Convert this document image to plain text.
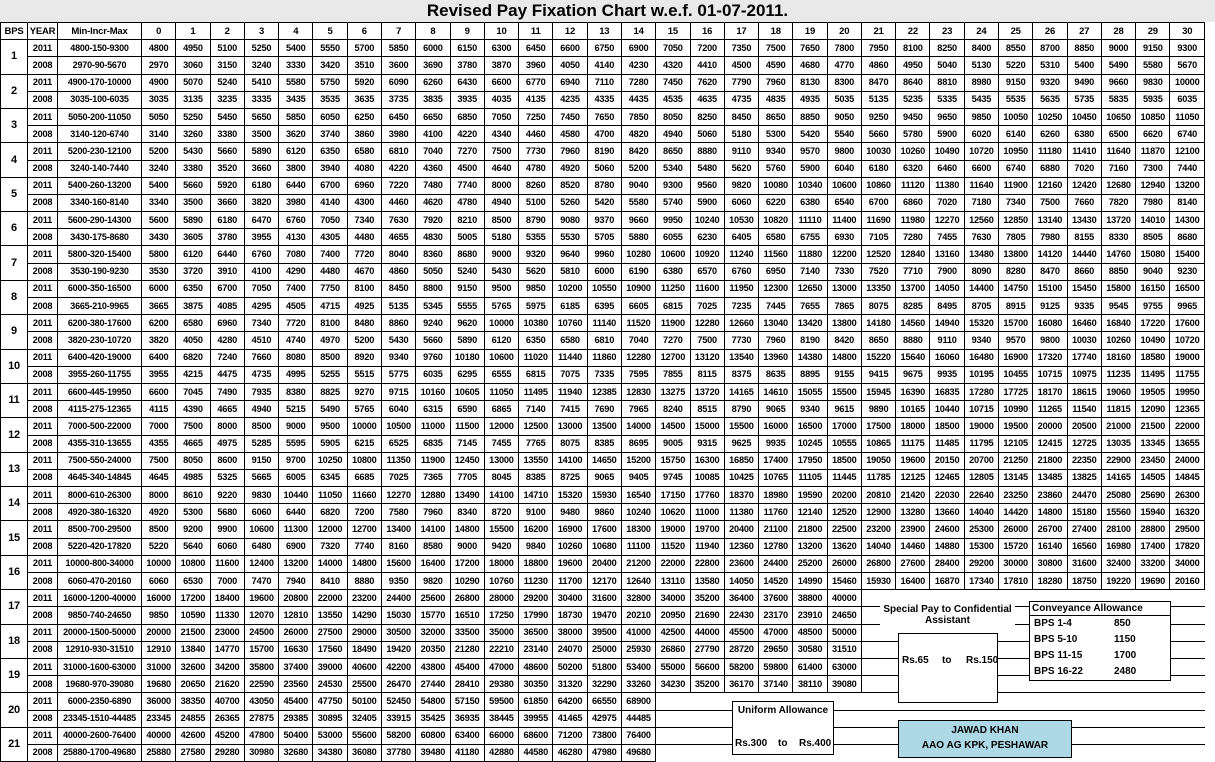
Revised Pay Fixation Chart w.e.f. 01-07-2011.
BPS	YEAR	Min-Incr-Max	0	1	2	3	4	5	6	7	8	9	10	11	12	13	14	15	16	17	18	19	20	21	22	23	24	25	26	27	28	29	30
1	2011	4800-150-9300	4800	4950	5100	5250	5400	5550	5700	5850	6000	6150	6300	6450	6600	6750	6900	7050	7200	7350	7500	7650	7800	7950	8100	8250	8400	8550	8700	8850	9000	9150	9300
	2008	2970-90-5670	2970	3060	3150	3240	3330	3420	3510	3600	3690	3780	3870	3960	4050	4140	4230	4320	4410	4500	4590	4680	4770	4860	4950	5040	5130	5220	5310	5400	5490	5580	5670
2	2011	4900-170-10000	4900	5070	5240	5410	5580	5750	5920	6090	6260	6430	6600	6770	6940	7110	7280	7450	7620	7790	7960	8130	8300	8470	8640	8810	8980	9150	9320	9490	9660	9830	10000
	2008	3035-100-6035	3035	3135	3235	3335	3435	3535	3635	3735	3835	3935	4035	4135	4235	4335	4435	4535	4635	4735	4835	4935	5035	5135	5235	5335	5435	5535	5635	5735	5835	5935	6035
3	2011	5050-200-11050	5050	5250	5450	5650	5850	6050	6250	6450	6650	6850	7050	7250	7450	7650	7850	8050	8250	8450	8650	8850	9050	9250	9450	9650	9850	10050	10250	10450	10650	10850	11050
	2008	3140-120-6740	3140	3260	3380	3500	3620	3740	3860	3980	4100	4220	4340	4460	4580	4700	4820	4940	5060	5180	5300	5420	5540	5660	5780	5900	6020	6140	6260	6380	6500	6620	6740
4	2011	5200-230-12100	5200	5430	5660	5890	6120	6350	6580	6810	7040	7270	7500	7730	7960	8190	8420	8650	8880	9110	9340	9570	9800	10030	10260	10490	10720	10950	11180	11410	11640	11870	12100
	2008	3240-140-7440	3240	3380	3520	3660	3800	3940	4080	4220	4360	4500	4640	4780	4920	5060	5200	5340	5480	5620	5760	5900	6040	6180	6320	6460	6600	6740	6880	7020	7160	7300	7440
5	2011	5400-260-13200	5400	5660	5920	6180	6440	6700	6960	7220	7480	7740	8000	8260	8520	8780	9040	9300	9560	9820	10080	10340	10600	10860	11120	11380	11640	11900	12160	12420	12680	12940	13200
	2008	3340-160-8140	3340	3500	3660	3820	3980	4140	4300	4460	4620	4780	4940	5100	5260	5420	5580	5740	5900	6060	6220	6380	6540	6700	6860	7020	7180	7340	7500	7660	7820	7980	8140
6	2011	5600-290-14300	5600	5890	6180	6470	6760	7050	7340	7630	7920	8210	8500	8790	9080	9370	9660	9950	10240	10530	10820	11110	11400	11690	11980	12270	12560	12850	13140	13430	13720	14010	14300
	2008	3430-175-8680	3430	3605	3780	3955	4130	4305	4480	4655	4830	5005	5180	5355	5530	5705	5880	6055	6230	6405	6580	6755	6930	7105	7280	7455	7630	7805	7980	8155	8330	8505	8680
7	2011	5800-320-15400	5800	6120	6440	6760	7080	7400	7720	8040	8360	8680	9000	9320	9640	9960	10280	10600	10920	11240	11560	11880	12200	12520	12840	13160	13480	13800	14120	14440	14760	15080	15400
	2008	3530-190-9230	3530	3720	3910	4100	4290	4480	4670	4860	5050	5240	5430	5620	5810	6000	6190	6380	6570	6760	6950	7140	7330	7520	7710	7900	8090	8280	8470	8660	8850	9040	9230
8	2011	6000-350-16500	6000	6350	6700	7050	7400	7750	8100	8450	8800	9150	9500	9850	10200	10550	10900	11250	11600	11950	12300	12650	13000	13350	13700	14050	14400	14750	15100	15450	15800	16150	16500
	2008	3665-210-9965	3665	3875	4085	4295	4505	4715	4925	5135	5345	5555	5765	5975	6185	6395	6605	6815	7025	7235	7445	7655	7865	8075	8285	8495	8705	8915	9125	9335	9545	9755	9965
9	2011	6200-380-17600	6200	6580	6960	7340	7720	8100	8480	8860	9240	9620	10000	10380	10760	11140	11520	11900	12280	12660	13040	13420	13800	14180	14560	14940	15320	15700	16080	16460	16840	17220	17600
	2008	3820-230-10720	3820	4050	4280	4510	4740	4970	5200	5430	5660	5890	6120	6350	6580	6810	7040	7270	7500	7730	7960	8190	8420	8650	8880	9110	9340	9570	9800	10030	10260	10490	10720
10	2011	6400-420-19000	6400	6820	7240	7660	8080	8500	8920	9340	9760	10180	10600	11020	11440	11860	12280	12700	13120	13540	13960	14380	14800	15220	15640	16060	16480	16900	17320	17740	18160	18580	19000
	2008	3955-260-11755	3955	4215	4475	4735	4995	5255	5515	5775	6035	6295	6555	6815	7075	7335	7595	7855	8115	8375	8635	8895	9155	9415	9675	9935	10195	10455	10715	10975	11235	11495	11755
11	2011	6600-445-19950	6600	7045	7490	7935	8380	8825	9270	9715	10160	10605	11050	11495	11940	12385	12830	13275	13720	14165	14610	15055	15500	15945	16390	16835	17280	17725	18170	18615	19060	19505	19950
	2008	4115-275-12365	4115	4390	4665	4940	5215	5490	5765	6040	6315	6590	6865	7140	7415	7690	7965	8240	8515	8790	9065	9340	9615	9890	10165	10440	10715	10990	11265	11540	11815	12090	12365
12	2011	7000-500-22000	7000	7500	8000	8500	9000	9500	10000	10500	11000	11500	12000	12500	13000	13500	14000	14500	15000	15500	16000	16500	17000	17500	18000	18500	19000	19500	20000	20500	21000	21500	22000
	2008	4355-310-13655	4355	4665	4975	5285	5595	5905	6215	6525	6835	7145	7455	7765	8075	8385	8695	9005	9315	9625	9935	10245	10555	10865	11175	11485	11795	12105	12415	12725	13035	13345	13655
13	2011	7500-550-24000	7500	8050	8600	9150	9700	10250	10800	11350	11900	12450	13000	13550	14100	14650	15200	15750	16300	16850	17400	17950	18500	19050	19600	20150	20700	21250	21800	22350	22900	23450	24000
	2008	4645-340-14845	4645	4985	5325	5665	6005	6345	6685	7025	7365	7705	8045	8385	8725	9065	9405	9745	10085	10425	10765	11105	11445	11785	12125	12465	12805	13145	13485	13825	14165	14505	14845
14	2011	8000-610-26300	8000	8610	9220	9830	10440	11050	11660	12270	12880	13490	14100	14710	15320	15930	16540	17150	17760	18370	18980	19590	20200	20810	21420	22030	22640	23250	23860	24470	25080	25690	26300
	2008	4920-380-16320	4920	5300	5680	6060	6440	6820	7200	7580	7960	8340	8720	9100	9480	9860	10240	10620	11000	11380	11760	12140	12520	12900	13280	13660	14040	14420	14800	15180	15560	15940	16320
15	2011	8500-700-29500	8500	9200	9900	10600	11300	12000	12700	13400	14100	14800	15500	16200	16900	17600	18300	19000	19700	20400	21100	21800	22500	23200	23900	24600	25300	26000	26700	27400	28100	28800	29500
	2008	5220-420-17820	5220	5640	6060	6480	6900	7320	7740	8160	8580	9000	9420	9840	10260	10680	11100	11520	11940	12360	12780	13200	13620	14040	14460	14880	15300	15720	16140	16560	16980	17400	17820
16	2011	10000-800-34000	10000	10800	11600	12400	13200	14000	14800	15600	16400	17200	18000	18800	19600	20400	21200	22000	22800	23600	24400	25200	26000	26800	27600	28400	29200	30000	30800	31600	32400	33200	34000
	2008	6060-470-20160	6060	6530	7000	7470	7940	8410	8880	9350	9820	10290	10760	11230	11700	12170	12640	13110	13580	14050	14520	14990	15460	15930	16400	16870	17340	17810	18280	18750	19220	19690	20160
17	2011	16000-1200-40000	16000	17200	18400	19600	20800	22000	23200	24400	25600	26800	28000	29200	30400	31600	32800	34000	35200	36400	37600	38800	40000										
	2008	9850-740-24650	9850	10590	11330	12070	12810	13550	14290	15030	15770	16510	17250	17990	18730	19470	20210	20950	21690	22430	23170	23910	24650										
18	2011	20000-1500-50000	20000	21500	23000	24500	26000	27500	29000	30500	32000	33500	35000	36500	38000	39500	41000	42500	44000	45500	47000	48500	50000										
	2008	12910-930-31510	12910	13840	14770	15700	16630	17560	18490	19420	20350	21280	22210	23140	24070	25000	25930	26860	27790	28720	29650	30580	31510										
19	2011	31000-1600-63000	31000	32600	34200	35800	37400	39000	40600	42200	43800	45400	47000	48600	50200	51800	53400	55000	56600	58200	59800	61400	63000										
	2008	19680-970-39080	19680	20650	21620	22590	23560	24530	25500	26470	27440	28410	29380	30350	31320	32290	33260	34230	35200	36170	37140	38110	39080										
20	2011	6000-2350-6890	36000	38350	40700	43050	45400	47750	50100	52450	54800	57150	59500	61850	64200	66550	68900																
	2008	23345-1510-44485	23345	24855	26365	27875	29385	30895	32405	33915	35425	36935	38445	39955	41465	42975	44485																
21	2011	40000-2600-76400	40000	42600	45200	47800	50400	53000	55600	58200	60800	63400	66000	68600	71200	73800	76400																
	2008	25880-1700-49680	25880	27580	29280	30980	32680	34380	36080	37780	39480	41180	42880	44580	46280	47980	49680																
Special Pay to Confidential Assistant
Rs.65 to Rs.150
Conveyance Allowance
BPS 1-4	850
BPS 5-10	1150
BPS 11-15	1700
BPS 16-22	2480
Uniform Allowance
Rs.300 to Rs.400
JAWAD KHAN
AAO AG KPK, PESHAWAR
